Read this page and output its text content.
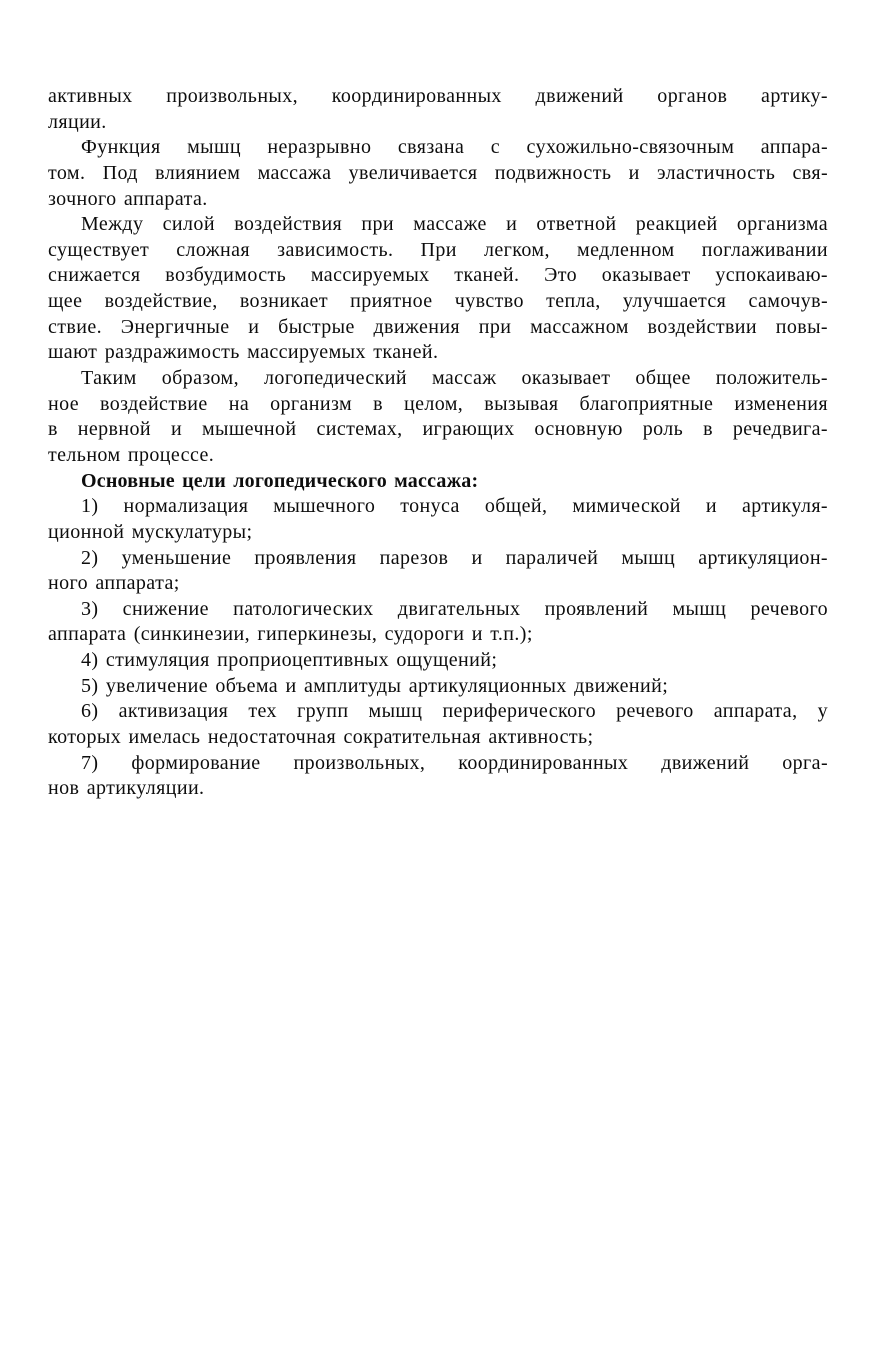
активных произвольных, координированных движений органов артику-
ляции.
Функция мышц неразрывно связана с сухожильно-связочным аппара-
том. Под влиянием массажа увеличивается подвижность и эластичность свя-
зочного аппарата.
Между силой воздействия при массаже и ответной реакцией организма
существует сложная зависимость. При легком, медленном поглаживании
снижается возбудимость массируемых тканей. Это оказывает успокаиваю-
щее воздействие, возникает приятное чувство тепла, улучшается самочув-
ствие. Энергичные и быстрые движения при массажном воздействии повы-
шают раздражимость массируемых тканей.
Таким образом, логопедический массаж оказывает общее положитель-
ное воздействие на организм в целом, вызывая благоприятные изменения
в нервной и мышечной системах, играющих основную роль в речедвига-
тельном процессе.
Основные цели логопедического массажа:
1) нормализация мышечного тонуса общей, мимической и артикуля-
ционной мускулатуры;
2) уменьшение проявления парезов и параличей мышц артикуляцион-
ного аппарата;
3) снижение патологических двигательных проявлений мышц речевого
аппарата (синкинезии, гиперкинезы, судороги и т.п.);
4) стимуляция проприоцептивных ощущений;
5) увеличение объема и амплитуды артикуляционных движений;
6) активизация тех групп мышц периферического речевого аппарата, у
которых имелась недостаточная сократительная активность;
7) формирование произвольных, координированных движений орга-
нов артикуляции.
